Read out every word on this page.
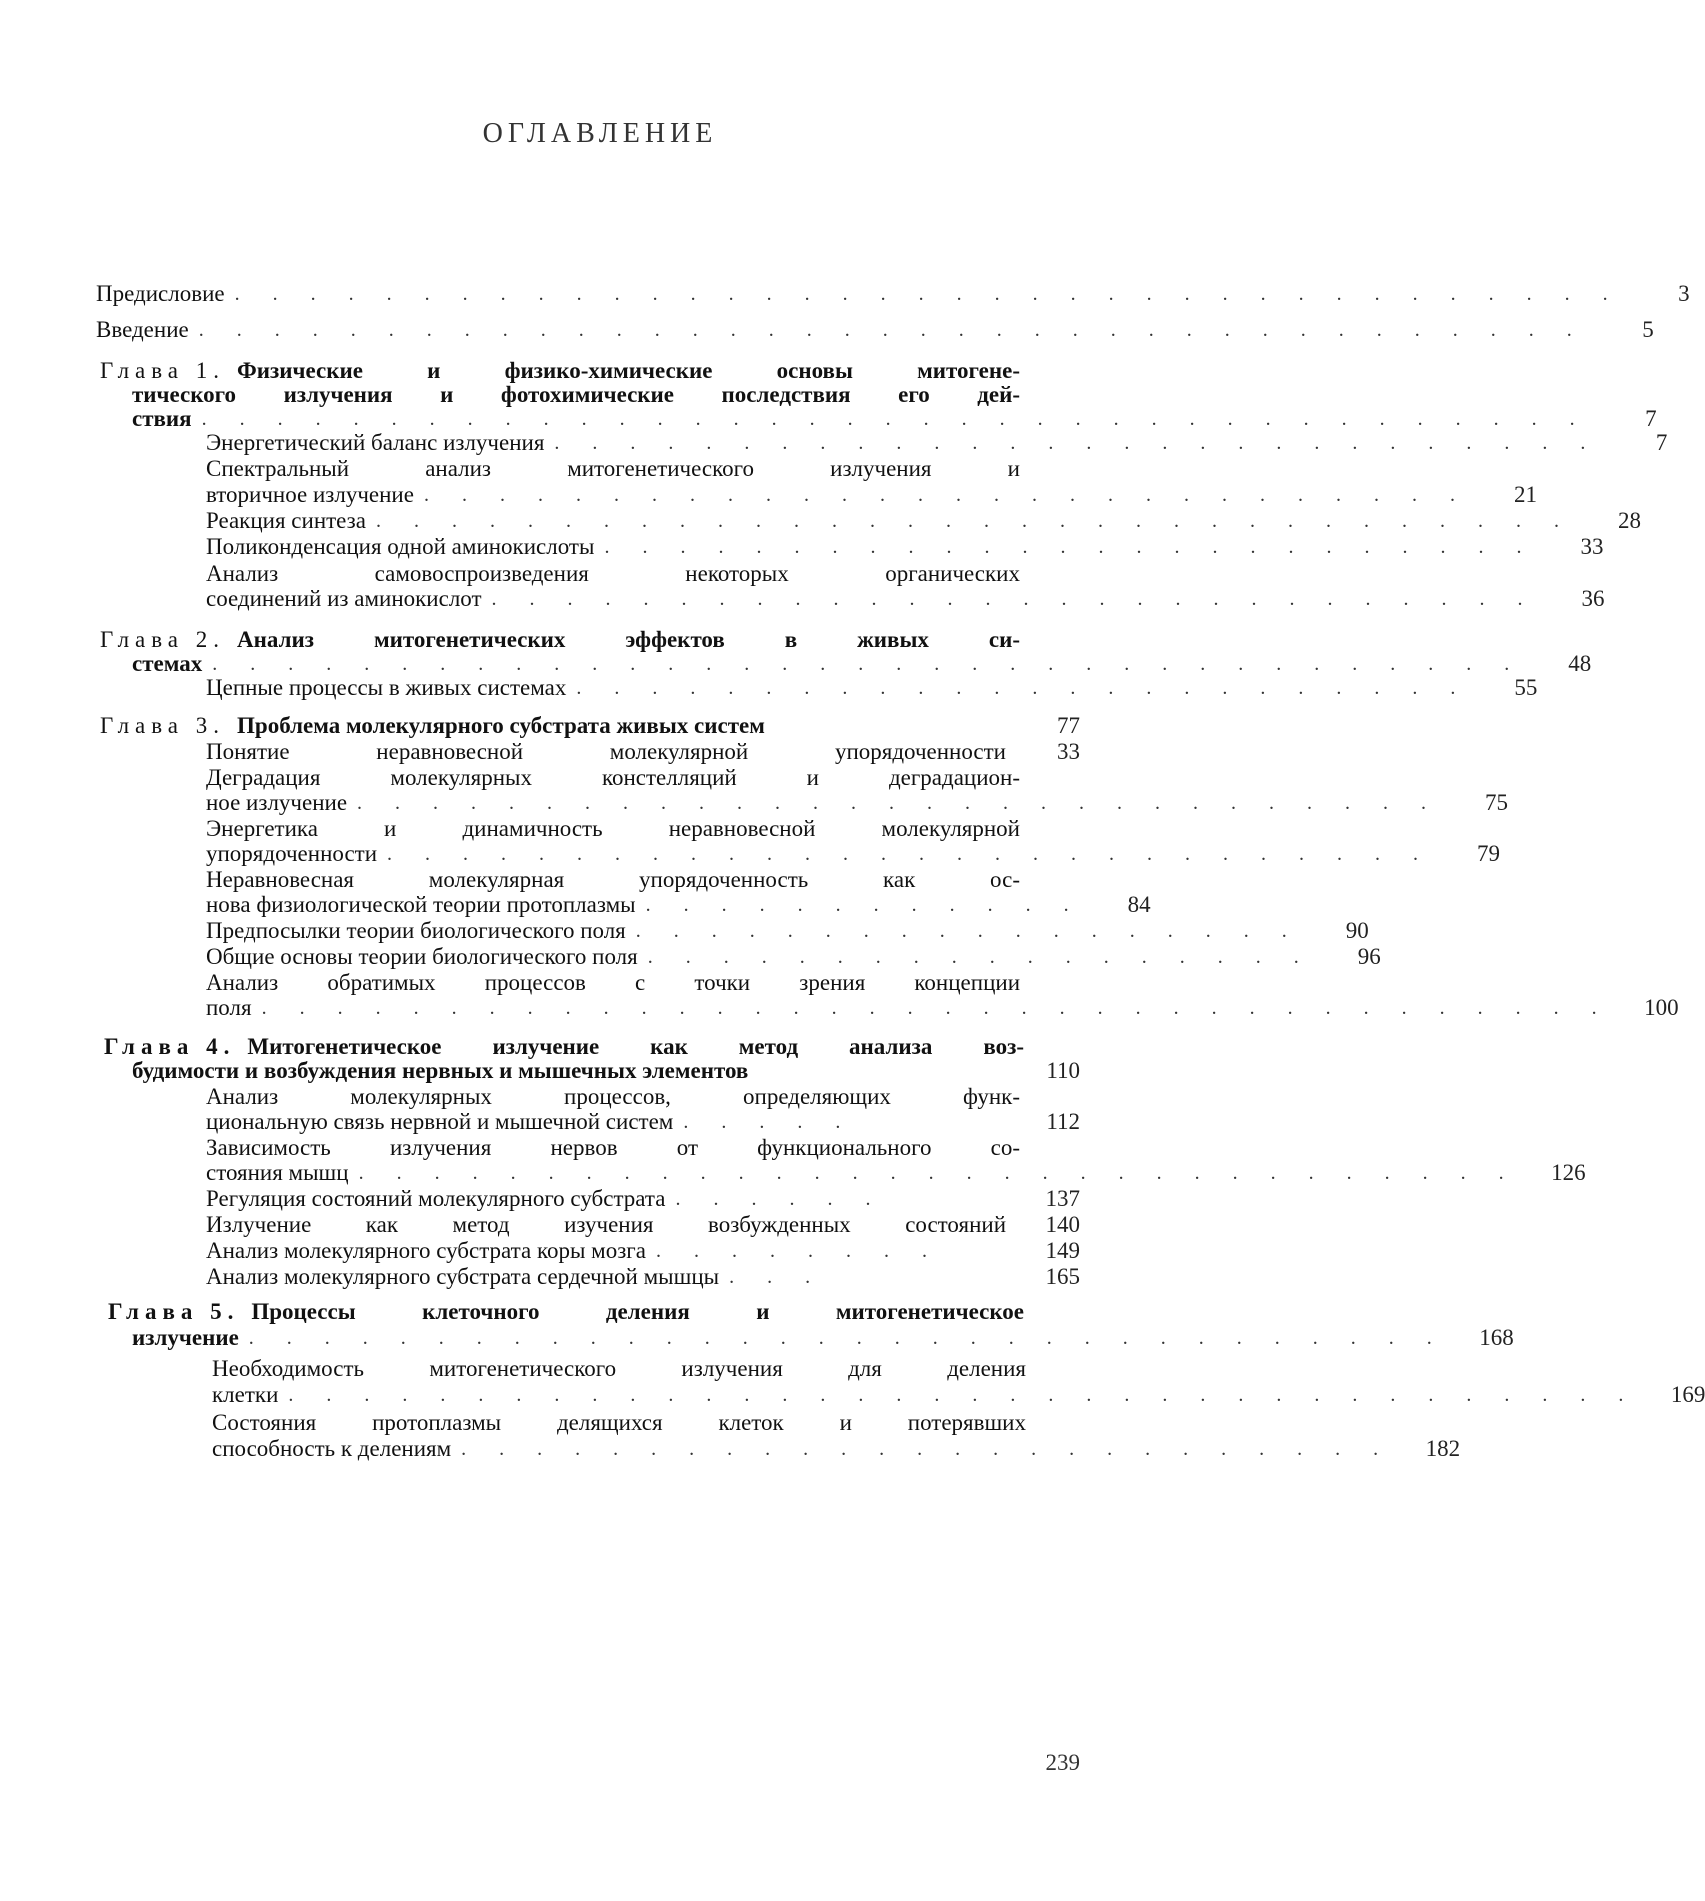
ОГЛАВЛЕНИЕ
Предисловие . . . . . . . . . . . . . . . . . . . . . . . . . . . . . . . . . . . . .	3
Введение . . . . . . . . . . . . . . . . . . . . . . . . . . . . . . . . . . . . .	5
Глава 1. Физические и физико-химические основы митогене-
тического излучения и фотохимические последствия его дей-
ствия . . . . . . . . . . . . . . . . . . . . . . . . . . . . . . . . . . . . .	7
Энергетический баланс излучения . . . . . . . . . . . . . . . . . . . . . . . . . . . .	7
Спектральный анализ митогенетического излучения и
вторичное излучение . . . . . . . . . . . . . . . . . . . . . . . . . . . .	21
Реакция синтеза . . . . . . . . . . . . . . . . . . . . . . . . . . . . . . . .	28
Поликонденсация одной аминокислоты . . . . . . . . . . . . . . . . . . . . . . . . .	33
Анализ самовоспроизведения некоторых органических
соединений из аминокислот . . . . . . . . . . . . . . . . . . . . . . . . . . . .	36
Глава 2. Анализ митогенетических эффектов в живых си-
стемах . . . . . . . . . . . . . . . . . . . . . . . . . . . . . . . . . . .	48
Цепные процессы в живых системах . . . . . . . . . . . . . . . . . . . . . . . .	55
Глава 3. Проблема молекулярного субстрата живых систем	77
Понятие неравновесной молекулярной упорядоченности	33
Деградация молекулярных констелляций и деградацион-
ное излучение . . . . . . . . . . . . . . . . . . . . . . . . . . . . .	75
Энергетика и динамичность неравновесной молекулярной
упорядоченности . . . . . . . . . . . . . . . . . . . . . . . . . . . .	79
Неравновесная молекулярная упорядоченность как ос-
нова физиологической теории протоплазмы . . . . . . . . . . . .	84
Предпосылки теории биологического поля . . . . . . . . . . . . . . . . . .	90
Общие основы теории биологического поля . . . . . . . . . . . . . . . . . .	96
Анализ обратимых процессов с точки зрения концепции
поля . . . . . . . . . . . . . . . . . . . . . . . . . . . . . . . . . . . .	100
Глава 4. Митогенетическое излучение как метод анализа воз-
будимости и возбуждения нервных и мышечных элементов	110
Анализ молекулярных процессов, определяющих функ-
циональную связь нервной и мышечной систем . . . . .	112
Зависимость излучения нервов от функционального со-
стояния мышц . . . . . . . . . . . . . . . . . . . . . . . . . . . . . . .	126
Регуляция состояний молекулярного субстрата . . . . . .	137
Излучение как метод изучения возбужденных состояний	140
Анализ молекулярного субстрата коры мозга . . . . . . . .	149
Анализ молекулярного субстрата сердечной мышцы . . .	165
Глава 5. Процессы клеточного деления и митогенетическое
излучение . . . . . . . . . . . . . . . . . . . . . . . . . . . . . . . .	168
Необходимость митогенетического излучения для деления
клетки . . . . . . . . . . . . . . . . . . . . . . . . . . . . . . . . . . . .	169
Состояния протоплазмы делящихся клеток и потерявших
способность к делениям . . . . . . . . . . . . . . . . . . . . . . . . .	182
239
